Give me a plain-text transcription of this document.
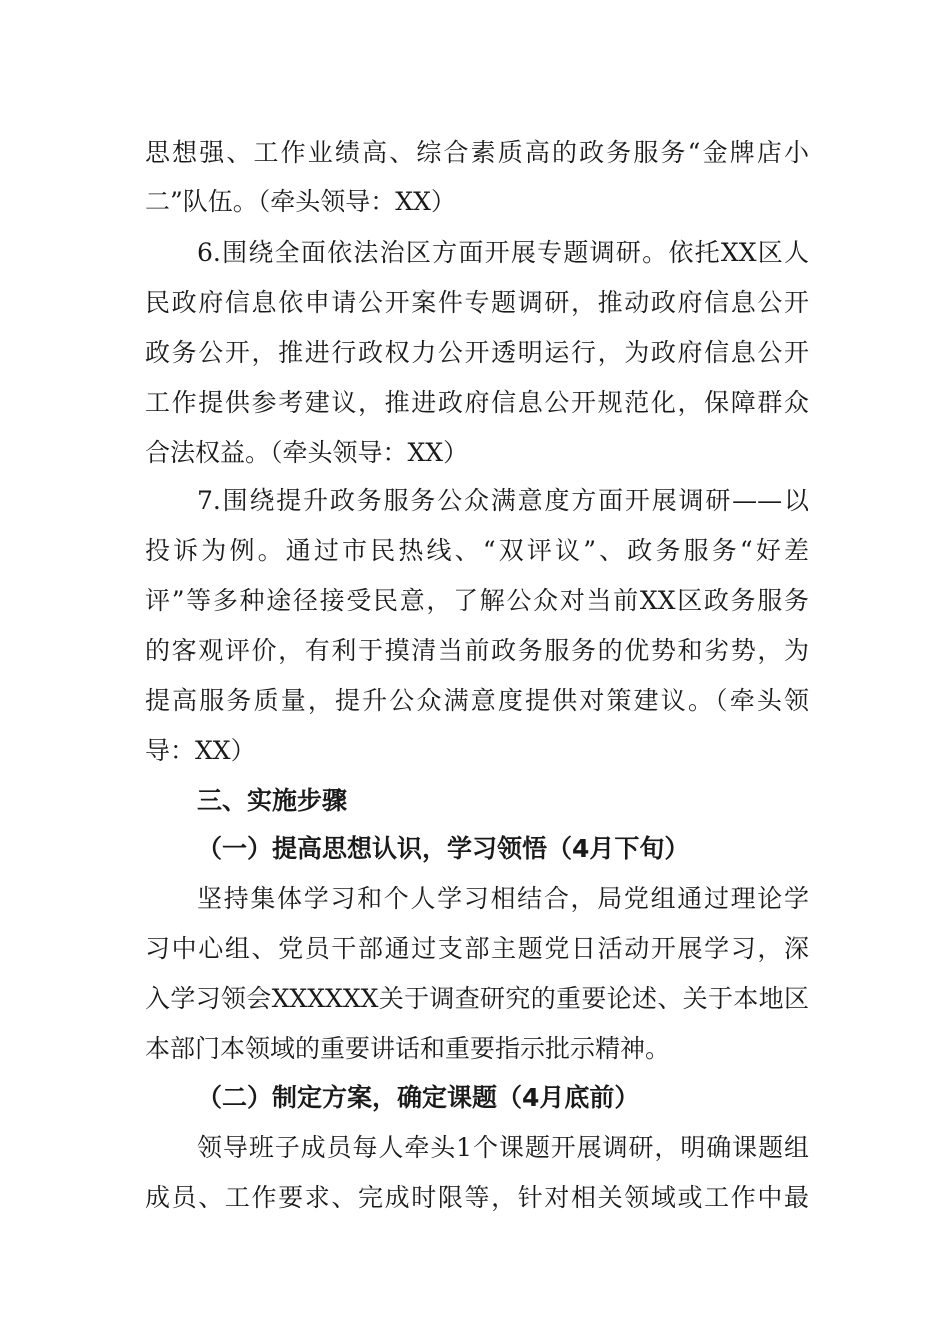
思想强、工作业绩高、综合素质高的政务服务“金牌店小
二”队伍。（牵头领导：XX）
6.围绕全面依法治区方面开展专题调研。依托XX区人
民政府信息依申请公开案件专题调研，推动政府信息公开
政务公开，推进行政权力公开透明运行，为政府信息公开
工作提供参考建议，推进政府信息公开规范化，保障群众
合法权益。（牵头领导：XX）
7.围绕提升政务服务公众满意度方面开展调研——以
投诉为例。通过市民热线、“双评议”、政务服务“好差
评”等多种途径接受民意，了解公众对当前XX区政务服务
的客观评价，有利于摸清当前政务服务的优势和劣势，为
提高服务质量，提升公众满意度提供对策建议。（牵头领
导：XX）
三、实施步骤
（一）提高思想认识，学习领悟（4月下旬）
坚持集体学习和个人学习相结合，局党组通过理论学
习中心组、党员干部通过支部主题党日活动开展学习，深
入学习领会XXXXXX关于调查研究的重要论述、关于本地区
本部门本领域的重要讲话和重要指示批示精神。
（二）制定方案，确定课题（4月底前）
领导班子成员每人牵头1个课题开展调研，明确课题组
成员、工作要求、完成时限等，针对相关领域或工作中最
